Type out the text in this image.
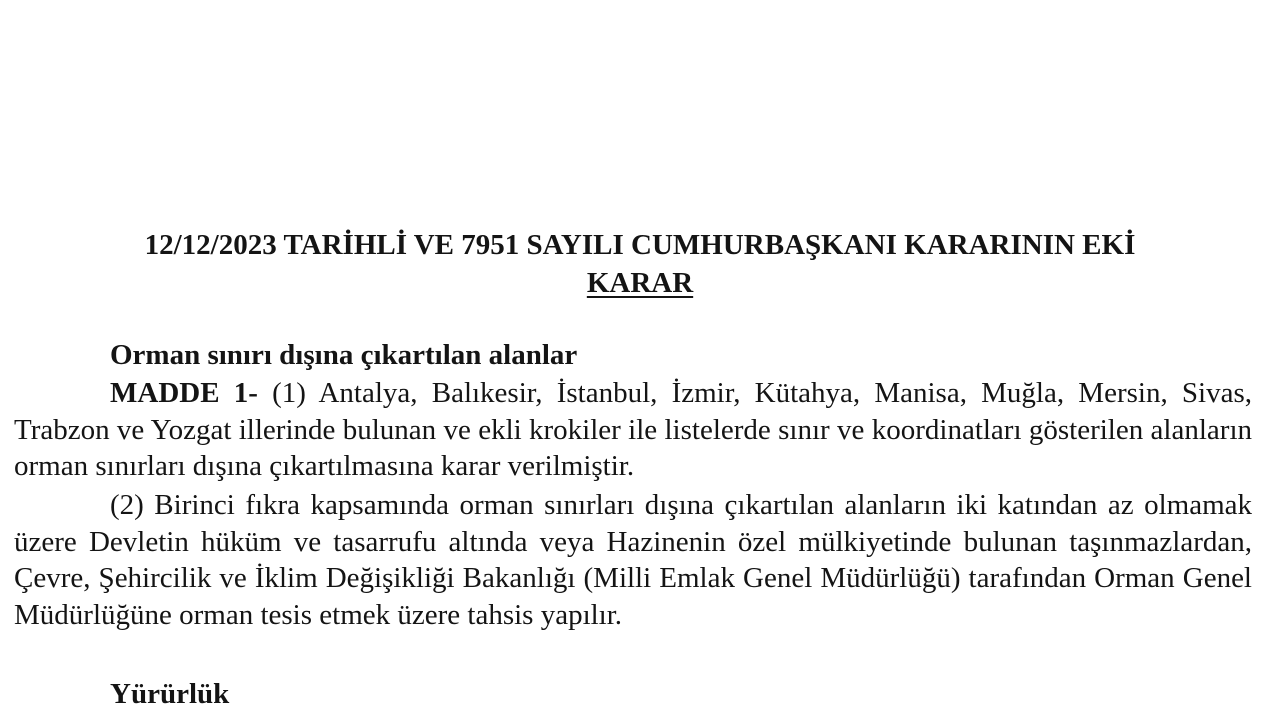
12/12/2023 TARİHLİ VE 7951 SAYILI CUMHURBAŞKANI KARARININ EKİ
KARAR
Orman sınırı dışına çıkartılan alanlar

MADDE 1- (1) Antalya, Balıkesir, İstanbul, İzmir, Kütahya, Manisa, Muğla, Mersin, Sivas, Trabzon ve Yozgat illerinde bulunan ve ekli krokiler ile listelerde sınır ve koordinatları gösterilen alanların orman sınırları dışına çıkartılmasına karar verilmiştir.

(2) Birinci fıkra kapsamında orman sınırları dışına çıkartılan alanların iki katından az olmamak üzere Devletin hüküm ve tasarrufu altında veya Hazinenin özel mülkiyetinde bulunan taşınmazlardan, Çevre, Şehircilik ve İklim Değişikliği Bakanlığı (Milli Emlak Genel Müdürlüğü) tarafından Orman Genel Müdürlüğüne orman tesis etmek üzere tahsis yapılır.

Yürürlük
